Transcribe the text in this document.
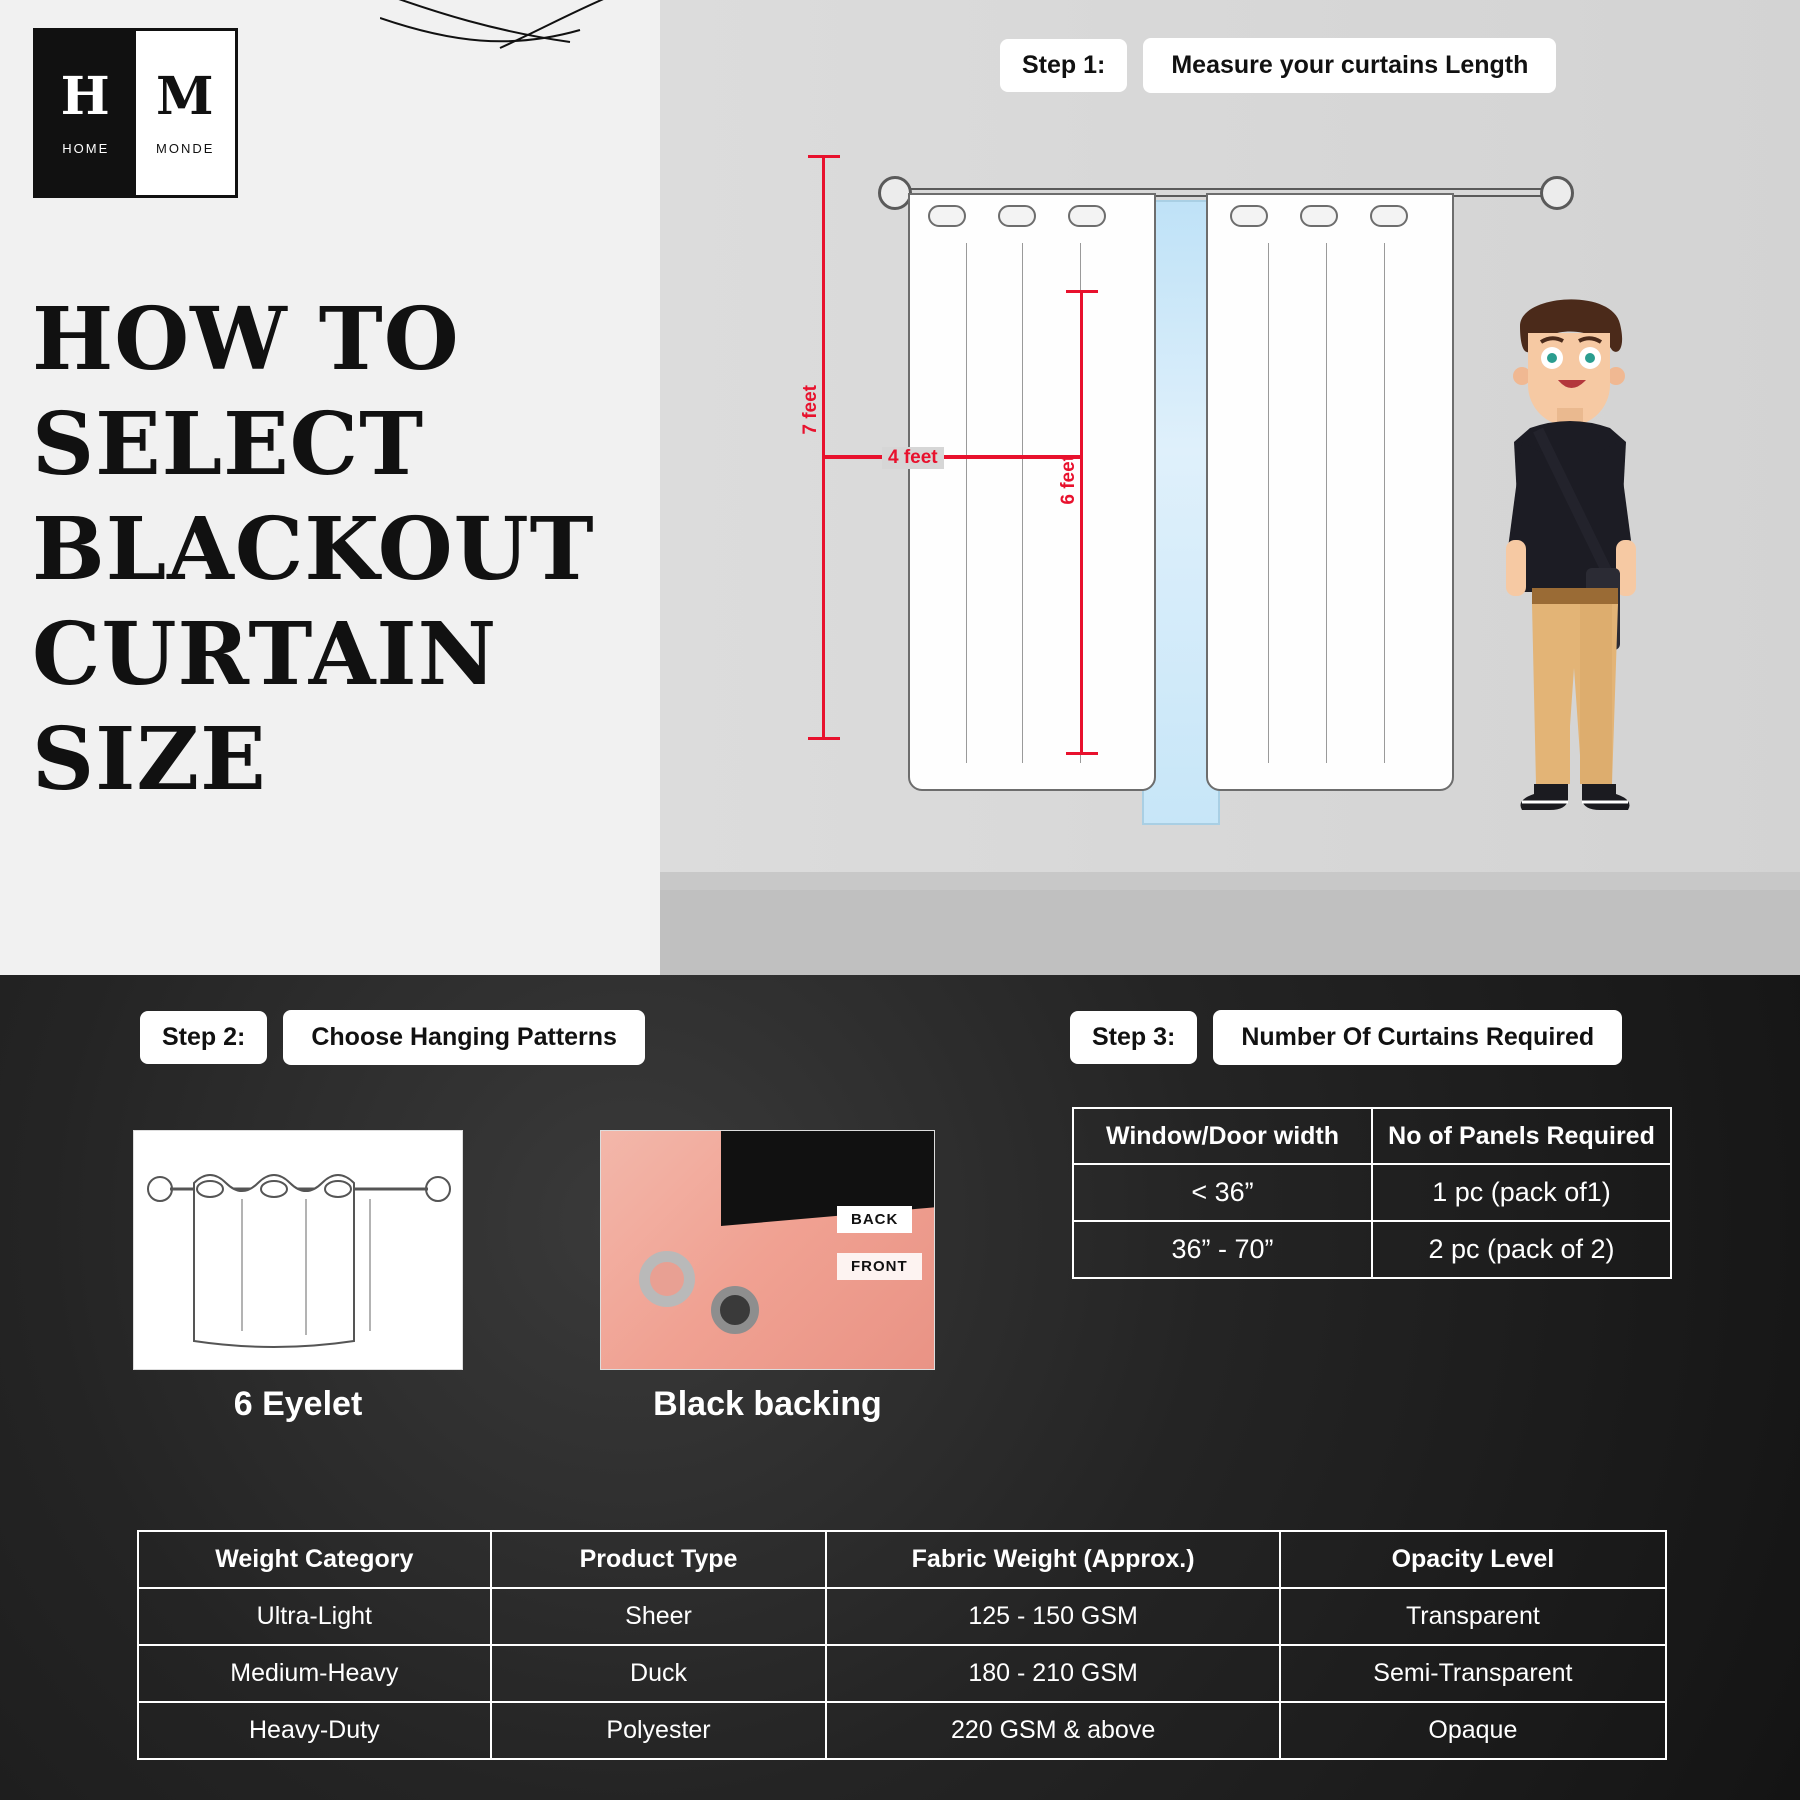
H
HOME
M
MONDE
HOW TO SELECT BLACKOUT CURTAIN SIZE
Step 1:	Measure your curtains Length
7 feet
4 feet	6 feet
Step 2:	Choose Hanging Patterns	Step 3:	Number Of Curtains Required
6 Eyelet
BACK
FRONT
Black backing
Window/Door width	No of Panels Required
< 36”	1 pc (pack of1)
36” - 70”	2 pc (pack of 2)
Weight Category	Product Type	Fabric Weight (Approx.)	Opacity Level
Ultra-Light	Sheer	125 - 150 GSM	Transparent
Medium-Heavy	Duck	180 - 210 GSM	Semi-Transparent
Heavy-Duty	Polyester	220 GSM & above	Opaque
